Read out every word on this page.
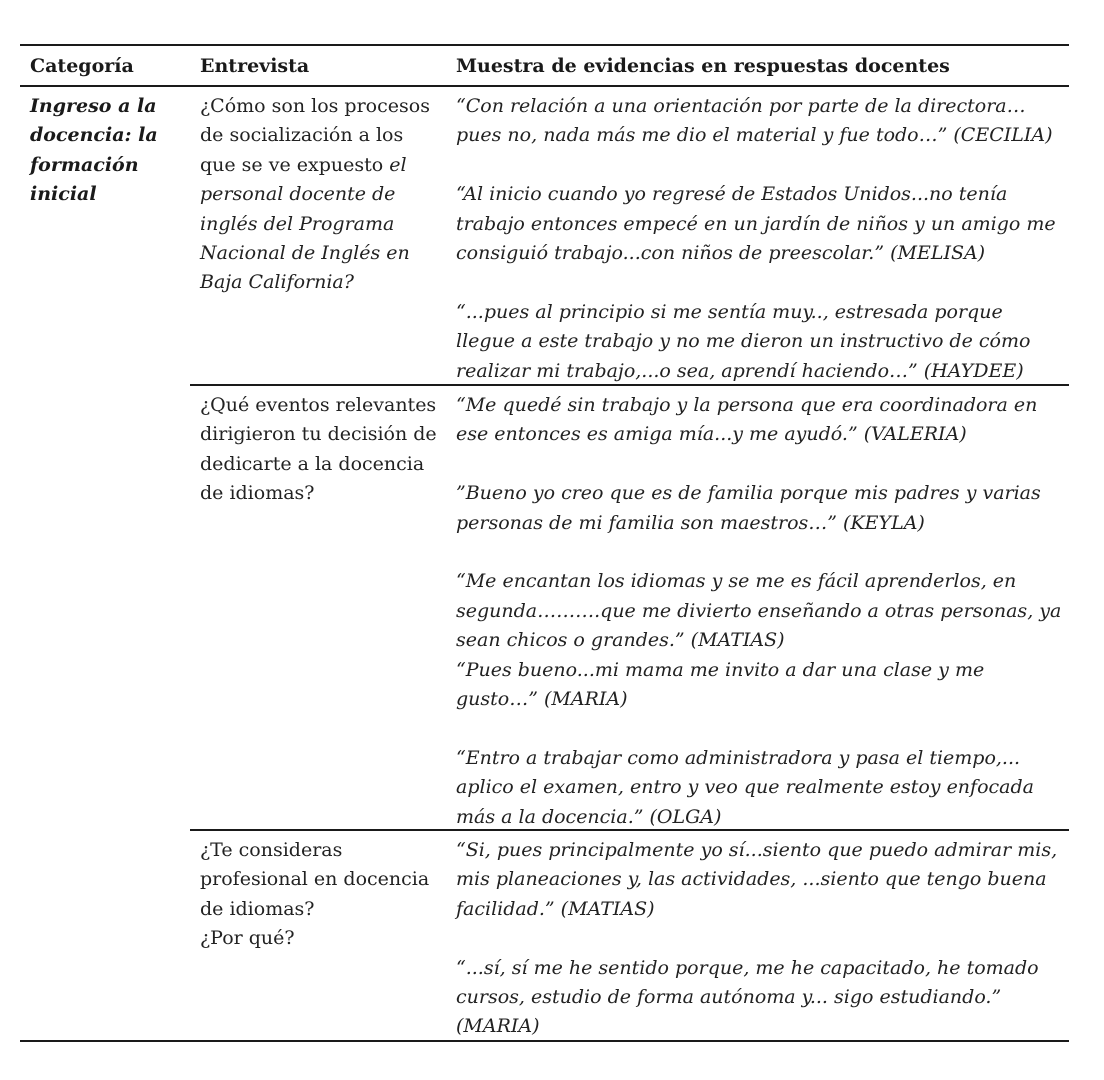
Categoría	Entrevista	Muestra de evidencias en respuestas docentes
Ingreso a la docencia: la formación inicial
¿Cómo son los procesos de socialización a los que se ve expuesto el personal docente de inglés del Programa Nacional de Inglés en Baja California?

“Con relación a una orientación por parte de la directora… pues no, nada más me dio el material y fue todo…” (CECILIA)

“Al inicio cuando yo regresé de Estados Unidos...no tenía trabajo entonces empecé en un jardín de niños y un amigo me consiguió trabajo...con niños de preescolar.” (MELISA)

“...pues al principio si me sentía muy.., estresada porque llegue a este trabajo y no me dieron un instructivo de cómo realizar mi trabajo,...o sea, aprendí haciendo…” (HAYDEE)

¿Qué eventos relevantes dirigieron tu decisión de dedicarte a la docencia de idiomas?

“Me quedé sin trabajo y la persona que era coordinadora en ese entonces es amiga mía...y me ayudó.” (VALERIA)

”Bueno yo creo que es de familia porque mis padres y varias personas de mi familia son maestros…” (KEYLA)

“Me encantan los idiomas y se me es fácil aprenderlos, en segunda……….que me divierto enseñando a otras personas, ya sean chicos o grandes.” (MATIAS)

“Pues bueno...mi mama me invito a dar una clase y me gusto…” (MARIA)

“Entro a trabajar como administradora y pasa el tiempo,... aplico el examen, entro y veo que realmente estoy enfocada más a la docencia.” (OLGA)

¿Te consideras profesional en docencia de idiomas?
¿Por qué?

“Si, pues principalmente yo sí...siento que puedo admirar mis, mis planeaciones y, las actividades, ...siento que tengo buena facilidad.” (MATIAS)

“...sí, sí me he sentido porque, me he capacitado, he tomado cursos, estudio de forma autónoma y... sigo estudiando.” (MARIA)
